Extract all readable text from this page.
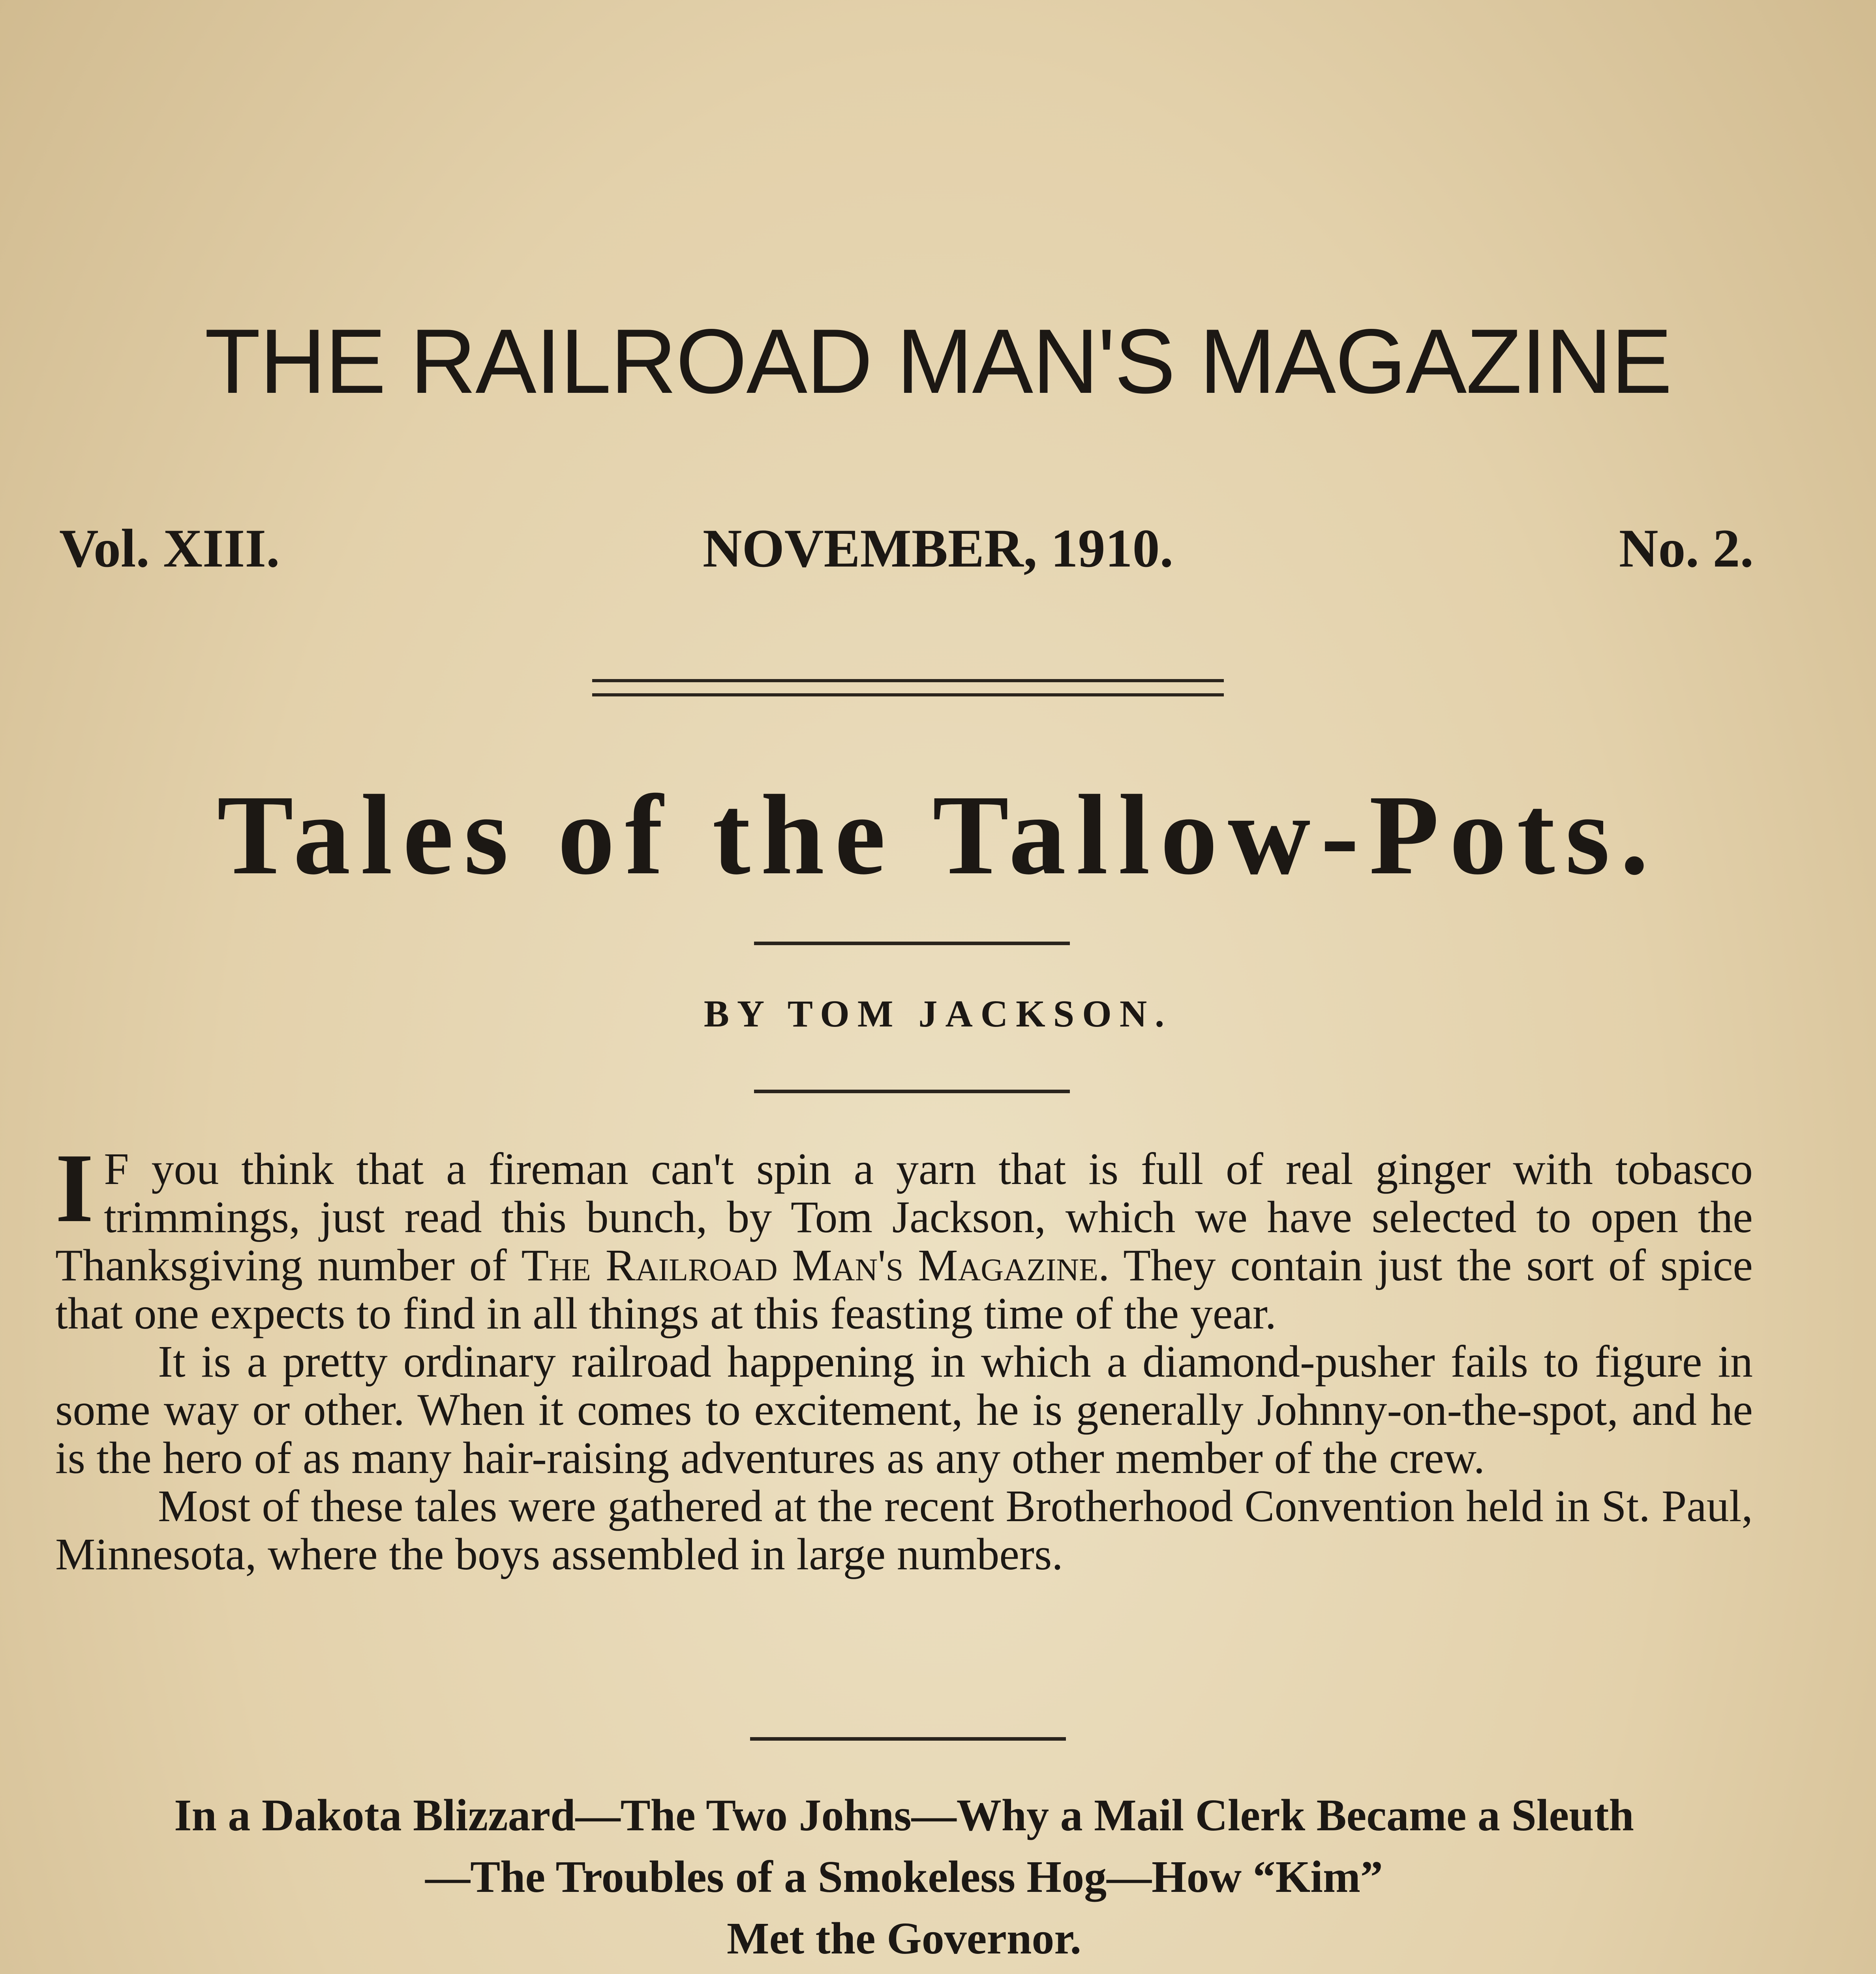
THE RAILROAD MAN'S MAGAZINE
Vol. XIII.	NOVEMBER, 1910.	No. 2.
Tales of the Tallow-Pots.
BY TOM JACKSON.

I F you think that a fireman can't spin a yarn that is full of real ginger with tobasco trimmings, just read this bunch, by Tom Jackson, which we have selected to open the Thanksgiving number of The Railroad Man's Magazine. They contain just the sort of spice that one expects to find in all things at this feasting time of the year.

It is a pretty ordinary railroad happening in which a diamond-pusher fails to figure in some way or other. When it comes to excitement, he is generally Johnny-on-the-spot, and he is the hero of as many hair-raising adventures as any other member of the crew.

Most of these tales were gathered at the recent Brotherhood Convention held in St. Paul, Minnesota, where the boys assembled in large numbers.

In a Dakota Blizzard—The Two Johns—Why a Mail Clerk Became a Sleuth
—The Troubles of a Smokeless Hog—How “Kim”
Met the Governor.
